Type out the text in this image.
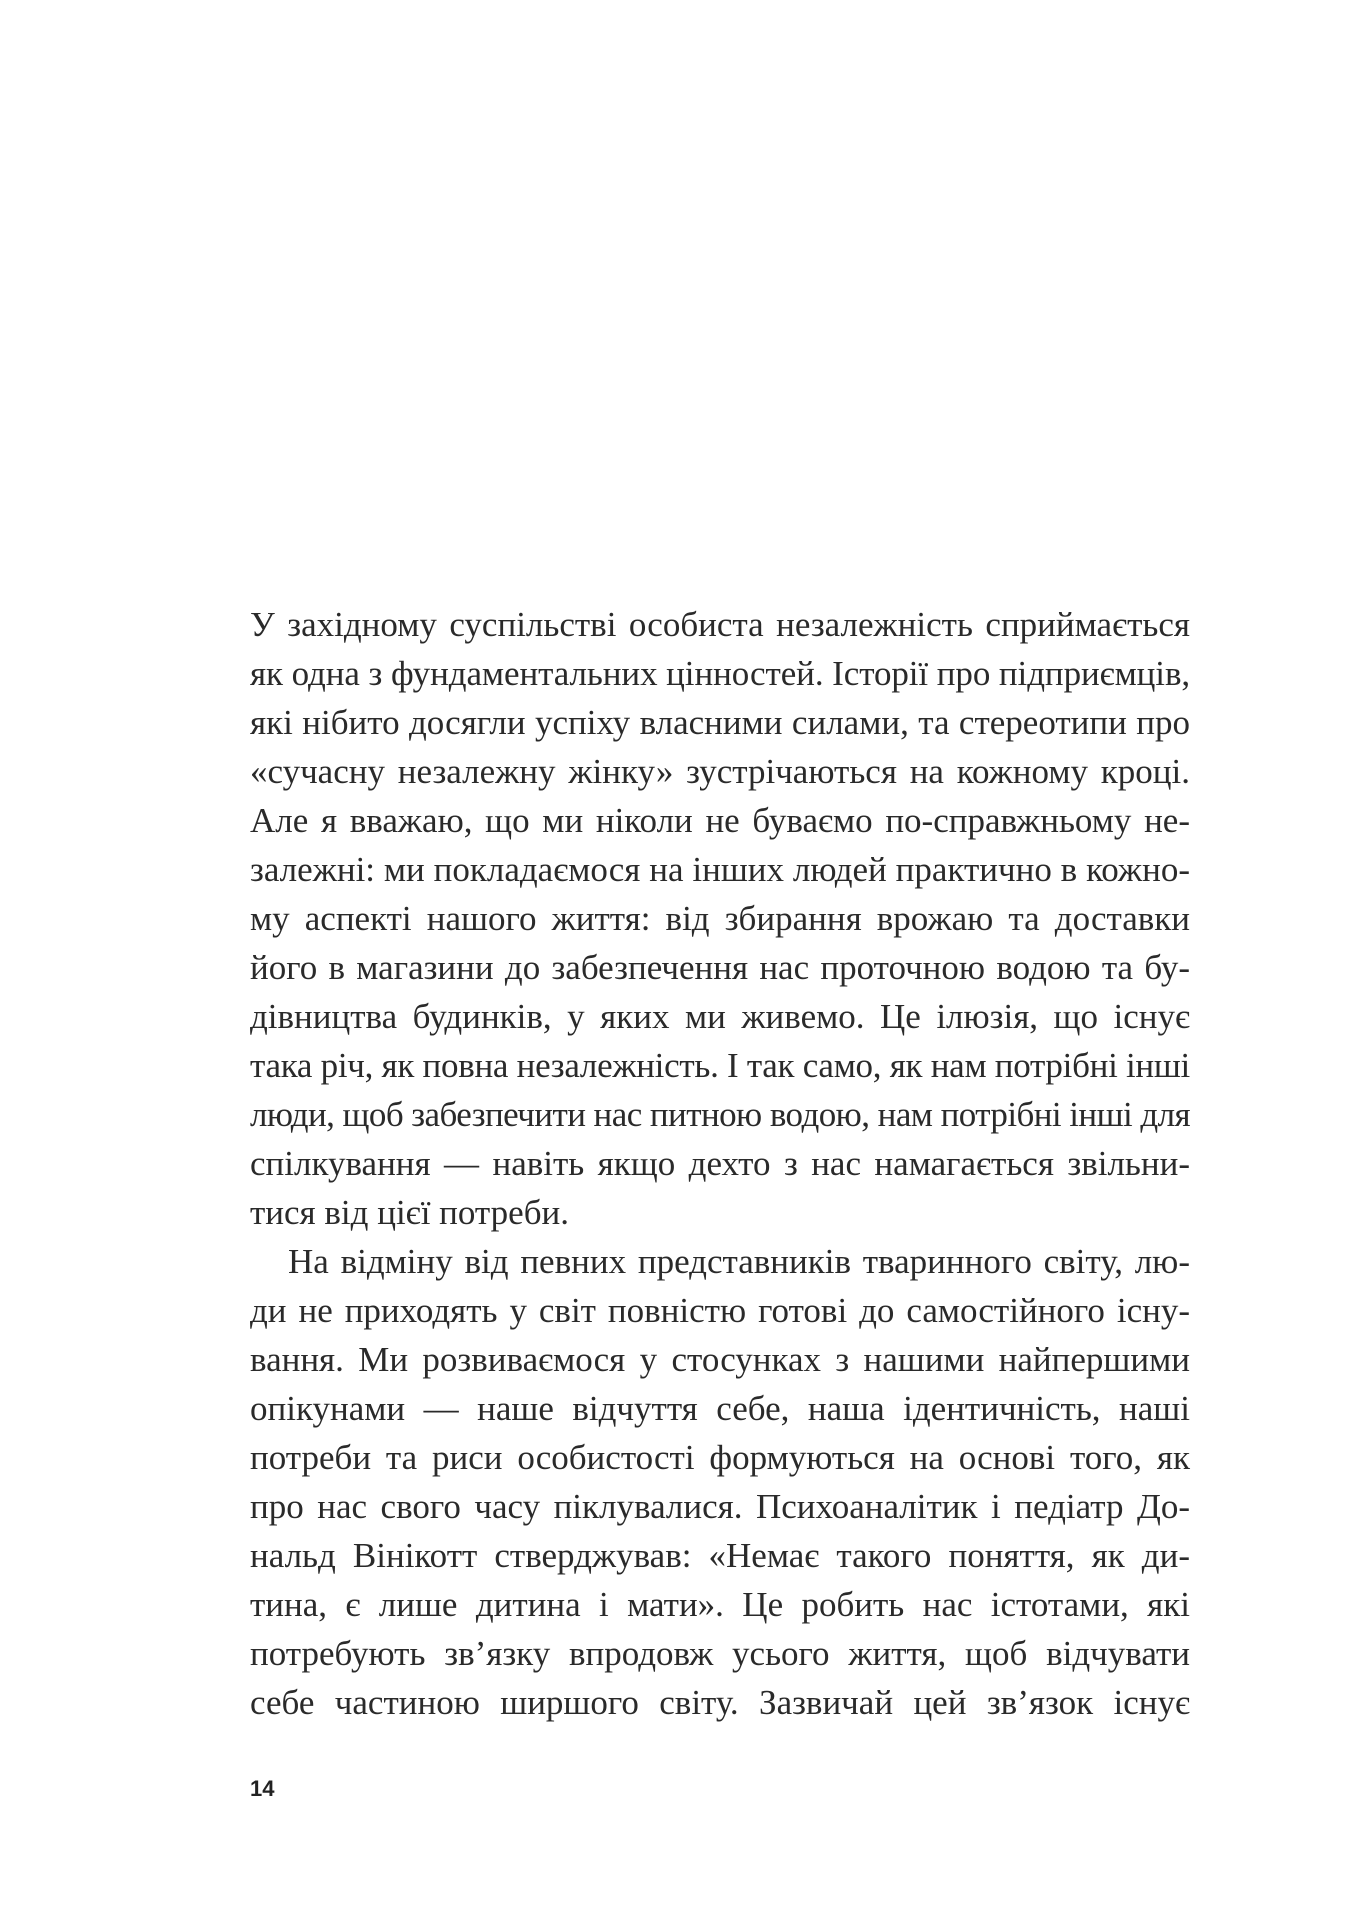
У західному суспільстві особиста незалежність сприймається
як одна з фундаментальних цінностей. Історії про підприємців,
які нібито досягли успіху власними силами, та стереотипи про
«сучасну незалежну жінку» зустрічаються на кожному кроці.
Але я вважаю, що ми ніколи не буваємо по-справжньому не-
залежні: ми покладаємося на інших людей практично в кожно-
му аспекті нашого життя: від збирання врожаю та доставки
його в магазини до забезпечення нас проточною водою та бу-
дівництва будинків, у яких ми живемо. Це ілюзія, що існує
така річ, як повна незалежність. І так само, як нам потрібні інші
люди, щоб забезпечити нас питною водою, нам потрібні інші для
спілкування — навіть якщо дехто з нас намагається звільни-
тися від цієї потреби.
На відміну від певних представників тваринного світу, лю-
ди не приходять у світ повністю готові до самостійного існу-
вання. Ми розвиваємося у стосунках з нашими найпершими
опікунами — наше відчуття себе, наша ідентичність, наші
потреби та риси особистості формуються на основі того, як
про нас свого часу піклувалися. Психоаналітик і педіатр До-
нальд Вінікотт стверджував: «Немає такого поняття, як ди-
тина, є лише дитина і мати». Це робить нас істотами, які
потребують зв’язку впродовж усього життя, щоб відчувати
себе частиною ширшого світу. Зазвичай цей зв’язок існує
14
